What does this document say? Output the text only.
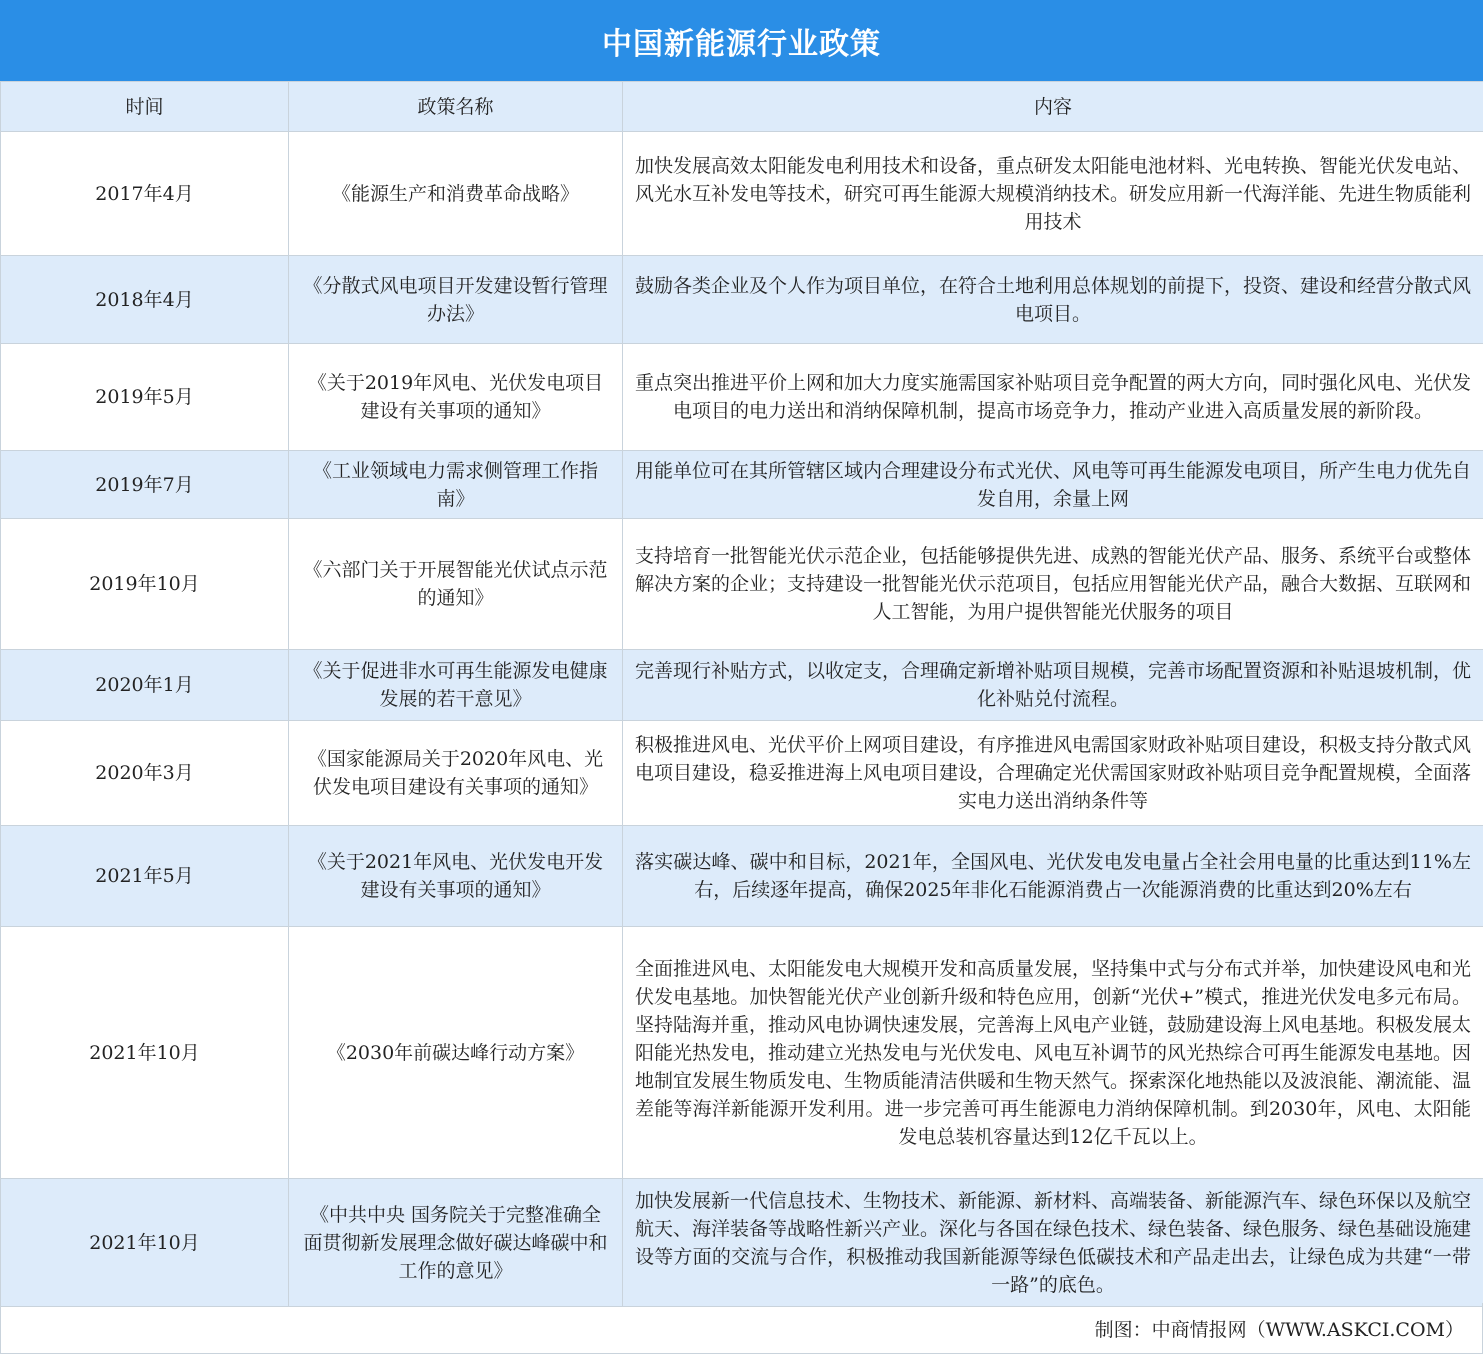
中国新能源行业政策
时间	政策名称	内容
2017年4月	《能源生产和消费革命战略》	加快发展高效太阳能发电利用技术和设备，重点研发太阳能电池材料、光电转换、智能光伏发电站、风光水互补发电等技术，研究可再生能源大规模消纳技术。研发应用新一代海洋能、先进生物质能利用技术
2018年4月	《分散式风电项目开发建设暂行管理办法》	鼓励各类企业及个人作为项目单位，在符合土地利用总体规划的前提下，投资、建设和经营分散式风电项目。
2019年5月	《关于2019年风电、光伏发电项目建设有关事项的通知》	重点突出推进平价上网和加大力度实施需国家补贴项目竞争配置的两大方向，同时强化风电、光伏发电项目的电力送出和消纳保障机制，提高市场竞争力，推动产业进入高质量发展的新阶段。
2019年7月	《工业领域电力需求侧管理工作指南》	用能单位可在其所管辖区域内合理建设分布式光伏、风电等可再生能源发电项目，所产生电力优先自发自用，余量上网
2019年10月	《六部门关于开展智能光伏试点示范的通知》	支持培育一批智能光伏示范企业，包括能够提供先进、成熟的智能光伏产品、服务、系统平台或整体解决方案的企业；支持建设一批智能光伏示范项目，包括应用智能光伏产品，融合大数据、互联网和人工智能，为用户提供智能光伏服务的项目
2020年1月	《关于促进非水可再生能源发电健康发展的若干意见》	完善现行补贴方式，以收定支，合理确定新增补贴项目规模，完善市场配置资源和补贴退坡机制，优化补贴兑付流程。
2020年3月	《国家能源局关于2020年风电、光伏发电项目建设有关事项的通知》	积极推进风电、光伏平价上网项目建设，有序推进风电需国家财政补贴项目建设，积极支持分散式风电项目建设，稳妥推进海上风电项目建设，合理确定光伏需国家财政补贴项目竞争配置规模，全面落实电力送出消纳条件等
2021年5月	《关于2021年风电、光伏发电开发建设有关事项的通知》	落实碳达峰、碳中和目标，2021年，全国风电、光伏发电发电量占全社会用电量的比重达到11%左右，后续逐年提高，确保2025年非化石能源消费占一次能源消费的比重达到20%左右
2021年10月	《2030年前碳达峰行动方案》	全面推进风电、太阳能发电大规模开发和高质量发展，坚持集中式与分布式并举，加快建设风电和光伏发电基地。加快智能光伏产业创新升级和特色应用，创新“光伏+”模式，推进光伏发电多元布局。坚持陆海并重，推动风电协调快速发展，完善海上风电产业链，鼓励建设海上风电基地。积极发展太阳能光热发电，推动建立光热发电与光伏发电、风电互补调节的风光热综合可再生能源发电基地。因地制宜发展生物质发电、生物质能清洁供暖和生物天然气。探索深化地热能以及波浪能、潮流能、温差能等海洋新能源开发利用。进一步完善可再生能源电力消纳保障机制。到2030年，风电、太阳能发电总装机容量达到12亿千瓦以上。
2021年10月	《中共中央 国务院关于完整准确全面贯彻新发展理念做好碳达峰碳中和工作的意见》	加快发展新一代信息技术、生物技术、新能源、新材料、高端装备、新能源汽车、绿色环保以及航空航天、海洋装备等战略性新兴产业。深化与各国在绿色技术、绿色装备、绿色服务、绿色基础设施建设等方面的交流与合作，积极推动我国新能源等绿色低碳技术和产品走出去，让绿色成为共建“一带一路”的底色。
制图：中商情报网（WWW.ASKCI.COM）
